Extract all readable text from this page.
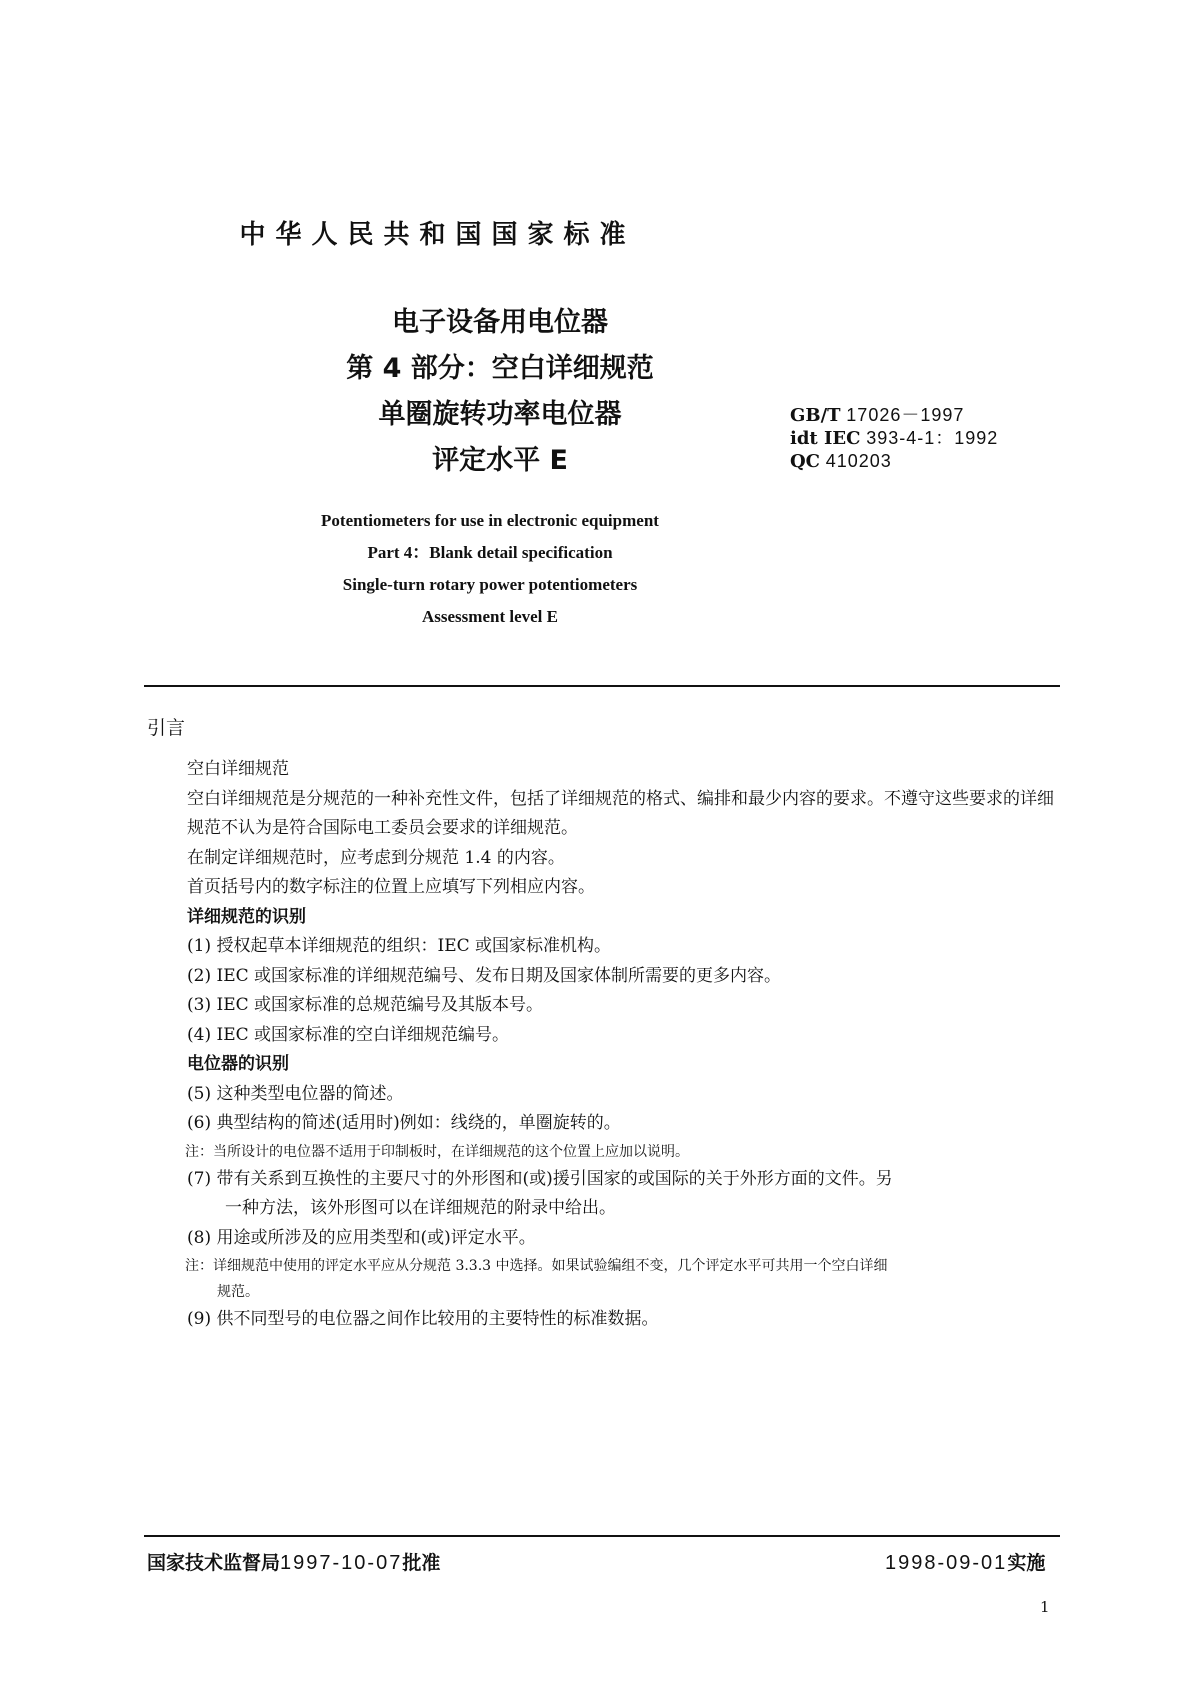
中华人民共和国国家标准
电子设备用电位器
第 4 部分：空白详细规范
单圈旋转功率电位器
评定水平 E
GB/T 17026－1997
idt IEC 393-4-1：1992
QC 410203
Potentiometers for use in electronic equipment
Part 4：Blank detail specification
Single-turn rotary power potentiometers
Assessment level E
引言

空白详细规范

空白详细规范是分规范的一种补充性文件，包括了详细规范的格式、编排和最少内容的要求。不遵守这些要求的详细规范不认为是符合国际电工委员会要求的详细规范。

在制定详细规范时，应考虑到分规范 1.4 的内容。

首页括号内的数字标注的位置上应填写下列相应内容。

详细规范的识别

(1) 授权起草本详细规范的组织：IEC 或国家标准机构。

(2) IEC 或国家标准的详细规范编号、发布日期及国家体制所需要的更多内容。

(3) IEC 或国家标准的总规范编号及其版本号。

(4) IEC 或国家标准的空白详细规范编号。

电位器的识别

(5) 这种类型电位器的简述。

(6) 典型结构的简述(适用时)例如：线绕的，单圈旋转的。

注：当所设计的电位器不适用于印制板时，在详细规范的这个位置上应加以说明。

(7) 带有关系到互换性的主要尺寸的外形图和(或)援引国家的或国际的关于外形方面的文件。另

一种方法，该外形图可以在详细规范的附录中给出。

(8) 用途或所涉及的应用类型和(或)评定水平。

注：详细规范中使用的评定水平应从分规范 3.3.3 中选择。如果试验编组不变，几个评定水平可共用一个空白详细

规范。

(9) 供不同型号的电位器之间作比较用的主要特性的标准数据。

国家技术监督局1997-10-07批准	1998-09-01实施
1
